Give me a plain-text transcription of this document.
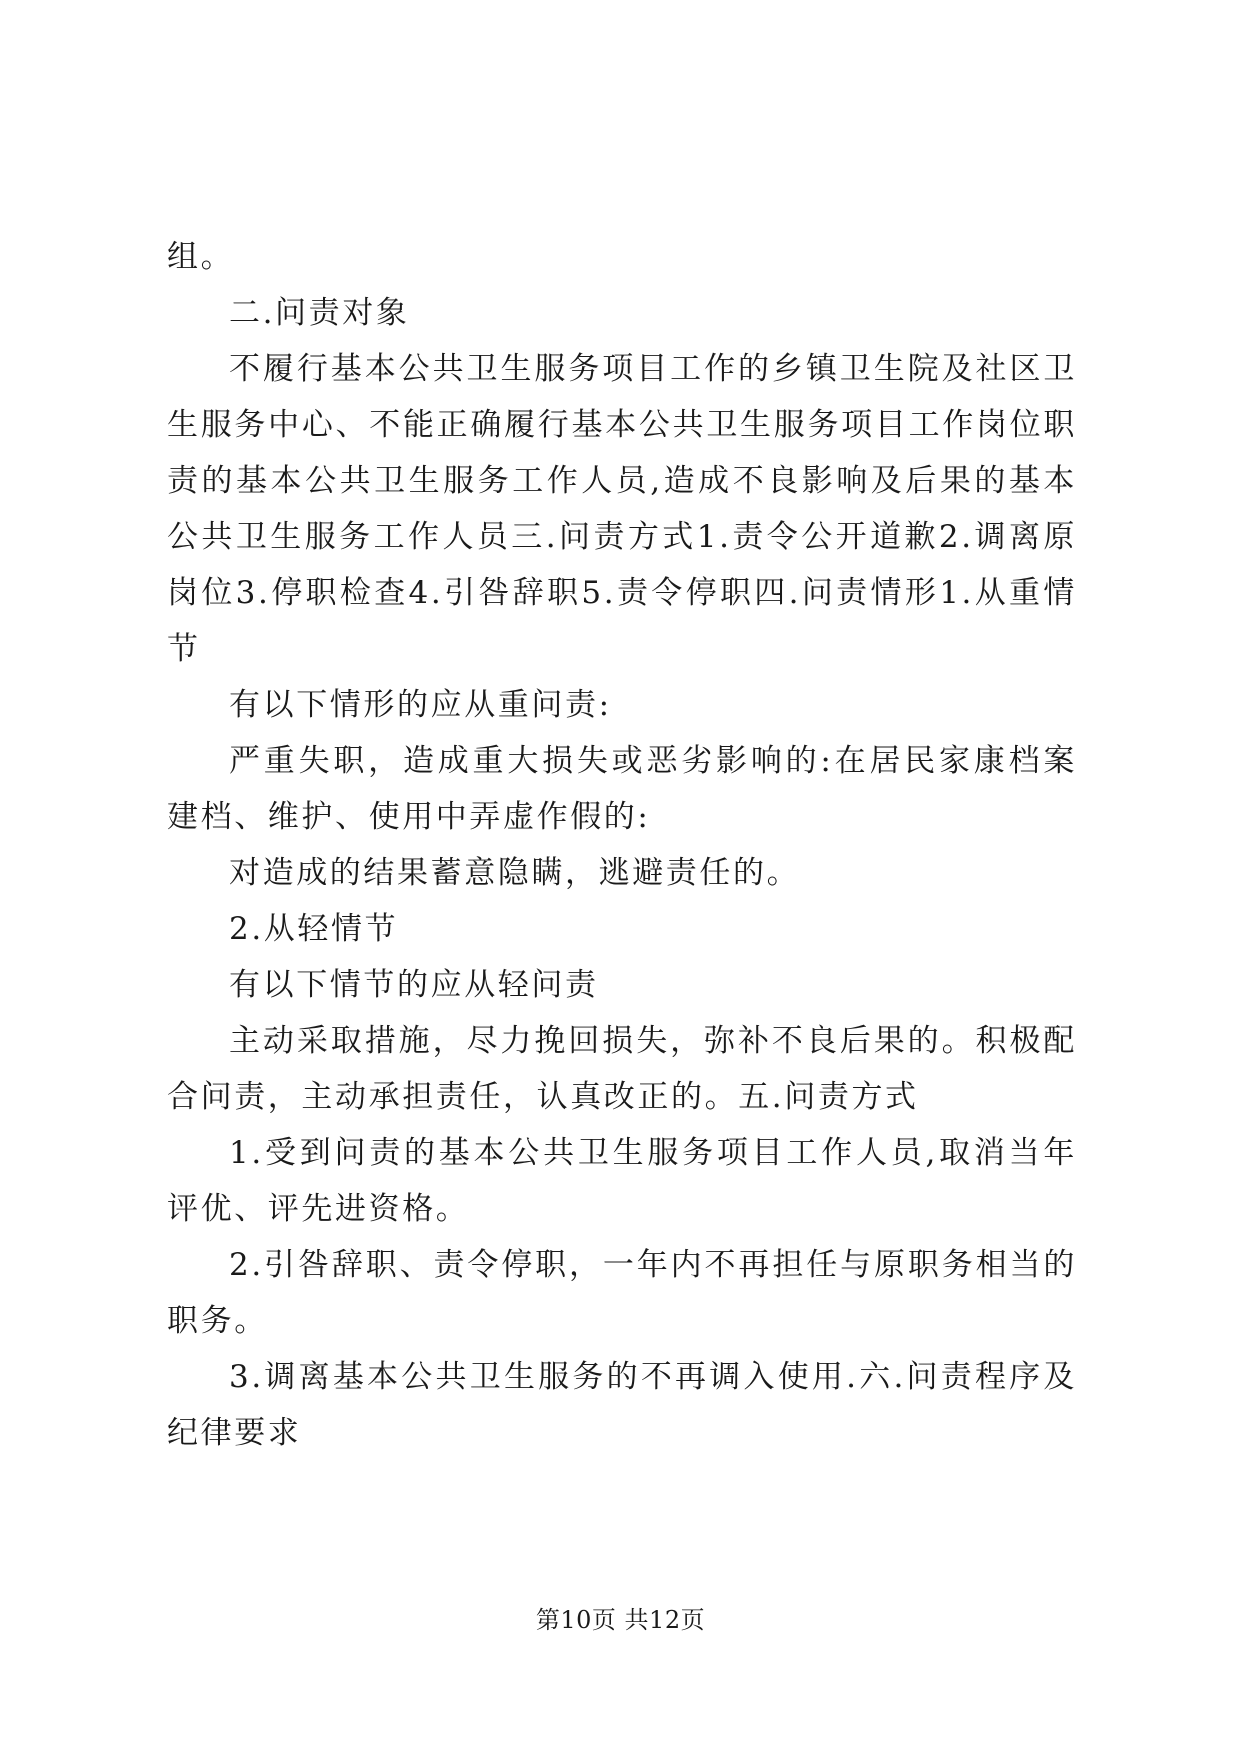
组。

二.问责对象

不履行基本公共卫生服务项目工作的乡镇卫生院及社区卫生服务中心、不能正确履行基本公共卫生服务项目工作岗位职责的基本公共卫生服务工作人员,造成不良影响及后果的基本公共卫生服务工作人员三.问责方式1.责令公开道歉2.调离原岗位3.停职检查4.引咎辞职5.责令停职四.问责情形1.从重情节

有以下情形的应从重问责:

严重失职，造成重大损失或恶劣影响的:在居民家康档案建档、维护、使用中弄虚作假的:

对造成的结果蓄意隐瞒，逃避责任的。

2.从轻情节

有以下情节的应从轻问责

主动采取措施，尽力挽回损失，弥补不良后果的。积极配合问责，主动承担责任，认真改正的。五.问责方式

1.受到问责的基本公共卫生服务项目工作人员,取消当年评优、评先进资格。

2.引咎辞职、责令停职，一年内不再担任与原职务相当的职务。

3.调离基本公共卫生服务的不再调入使用.六.问责程序及纪律要求

第10页 共12页
